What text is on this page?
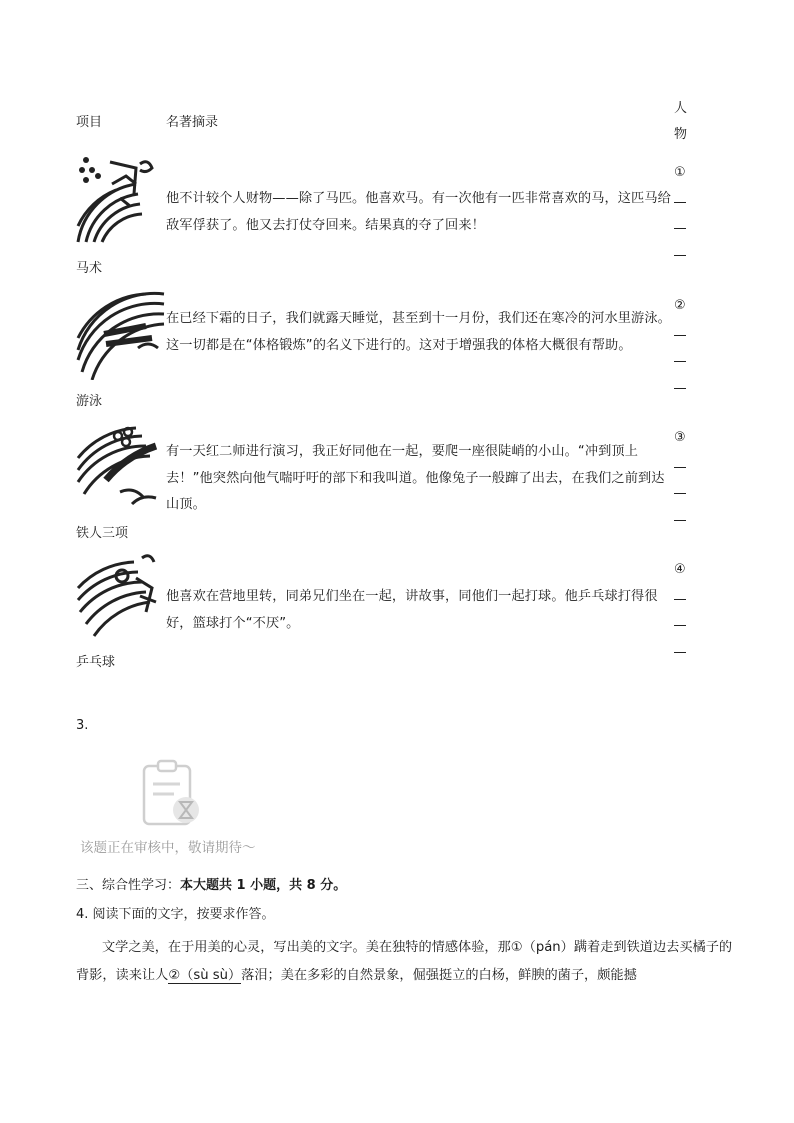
项目	名著摘录
人
物
他不计较个人财物——除了马匹。他喜欢马。有一次他有一匹非常喜欢的马，这匹马给敌军俘获了。他又去打仗夺回来。结果真的夺了回来！
马术
①
在已经下霜的日子，我们就露天睡觉，甚至到十一月份，我们还在寒冷的河水里游泳。这一切都是在“体格锻炼”的名义下进行的。这对于增强我的体格大概很有帮助。
游泳
②
有一天红二师进行演习，我正好同他在一起，要爬一座很陡峭的小山。“冲到顶上去！”他突然向他气喘吁吁的部下和我叫道。他像兔子一般蹿了出去，在我们之前到达山顶。
铁人三项
③
他喜欢在营地里转，同弟兄们坐在一起，讲故事，同他们一起打球。他乒乓球打得很好，篮球打个“不厌”。
乒乓球
④
3.
该题正在审核中，敬请期待～
三、综合性学习：本大题共 1 小题，共 8 分。
4. 阅读下面的文字，按要求作答。
文学之美，在于用美的心灵，写出美的文字。美在独特的情感体验，那①（pán）蹒着走到铁道边去买橘子的背影，读来让人②（sù sù）落泪；美在多彩的自然景象，倔强挺立的白杨，鲜腴的菌子，颇能撼
